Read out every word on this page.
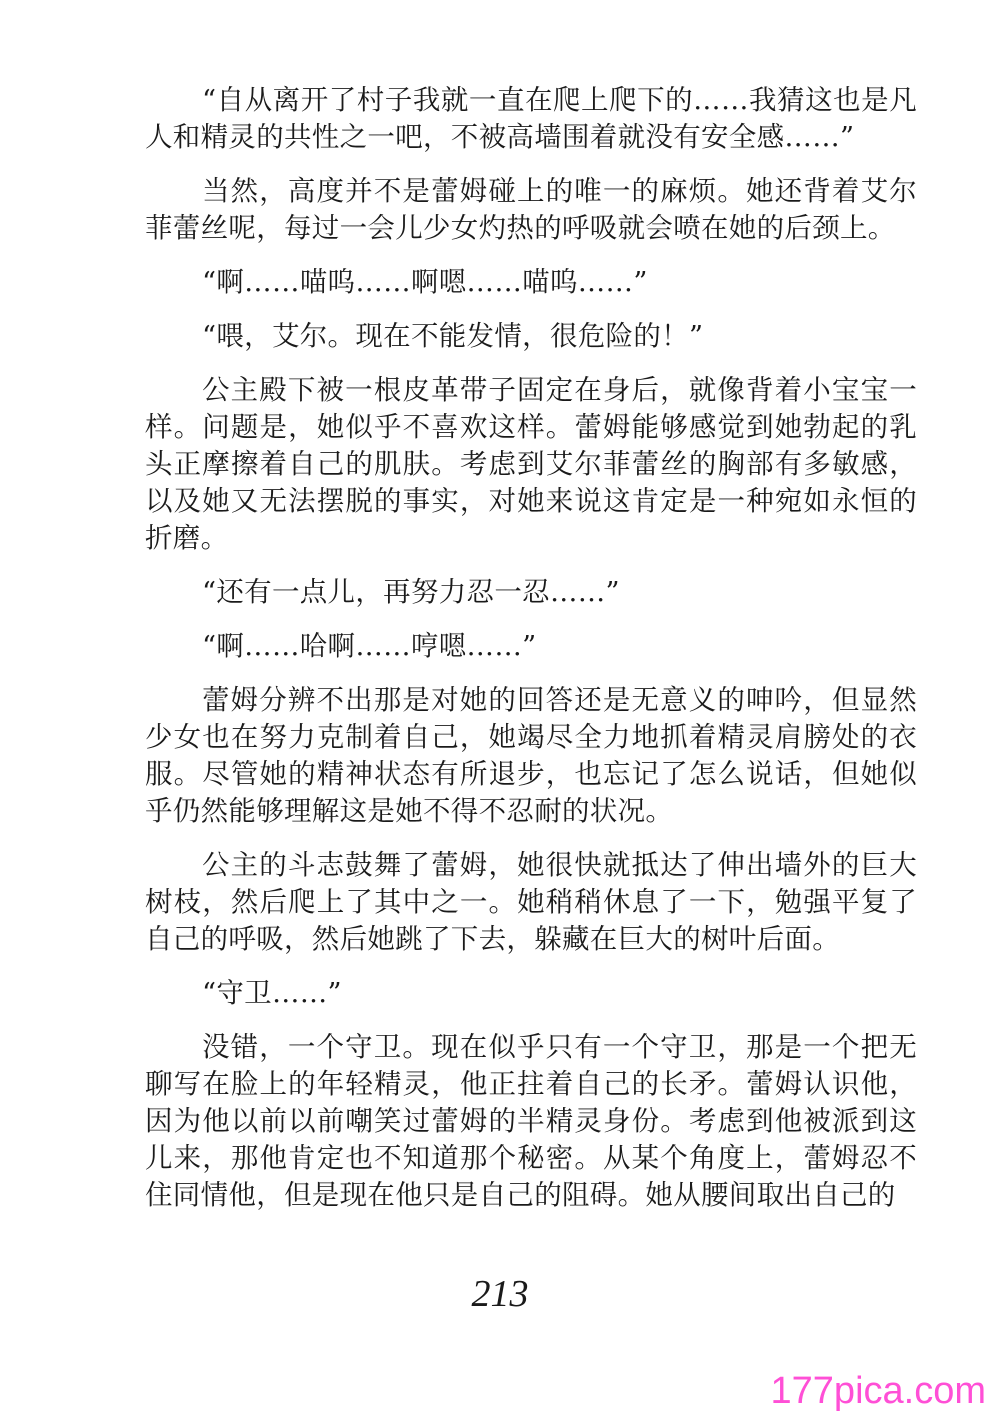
“自从离开了村子我就一直在爬上爬下的……我猜这也是凡人和精灵的共性之一吧，不被高墙围着就没有安全感……”

当然，高度并不是蕾姆碰上的唯一的麻烦。她还背着艾尔菲蕾丝呢，每过一会儿少女灼热的呼吸就会喷在她的后颈上。

“啊……喵呜……啊嗯……喵呜……”

“喂，艾尔。现在不能发情，很危险的！”

公主殿下被一根皮革带子固定在身后，就像背着小宝宝一样。问题是，她似乎不喜欢这样。蕾姆能够感觉到她勃起的乳头正摩擦着自己的肌肤。考虑到艾尔菲蕾丝的胸部有多敏感，以及她又无法摆脱的事实，对她来说这肯定是一种宛如永恒的折磨。

“还有一点儿，再努力忍一忍……”

“啊……哈啊……哼嗯……”

蕾姆分辨不出那是对她的回答还是无意义的呻吟，但显然少女也在努力克制着自己，她竭尽全力地抓着精灵肩膀处的衣服。尽管她的精神状态有所退步，也忘记了怎么说话，但她似乎仍然能够理解这是她不得不忍耐的状况。

公主的斗志鼓舞了蕾姆，她很快就抵达了伸出墙外的巨大树枝，然后爬上了其中之一。她稍稍休息了一下，勉强平复了自己的呼吸，然后她跳了下去，躲藏在巨大的树叶后面。

“守卫……”

没错，一个守卫。现在似乎只有一个守卫，那是一个把无聊写在脸上的年轻精灵，他正拄着自己的长矛。蕾姆认识他，因为他以前以前嘲笑过蕾姆的半精灵身份。考虑到他被派到这儿来，那他肯定也不知道那个秘密。从某个角度上，蕾姆忍不住同情他，但是现在他只是自己的阻碍。她从腰间取出自己的

213
177pica.com
